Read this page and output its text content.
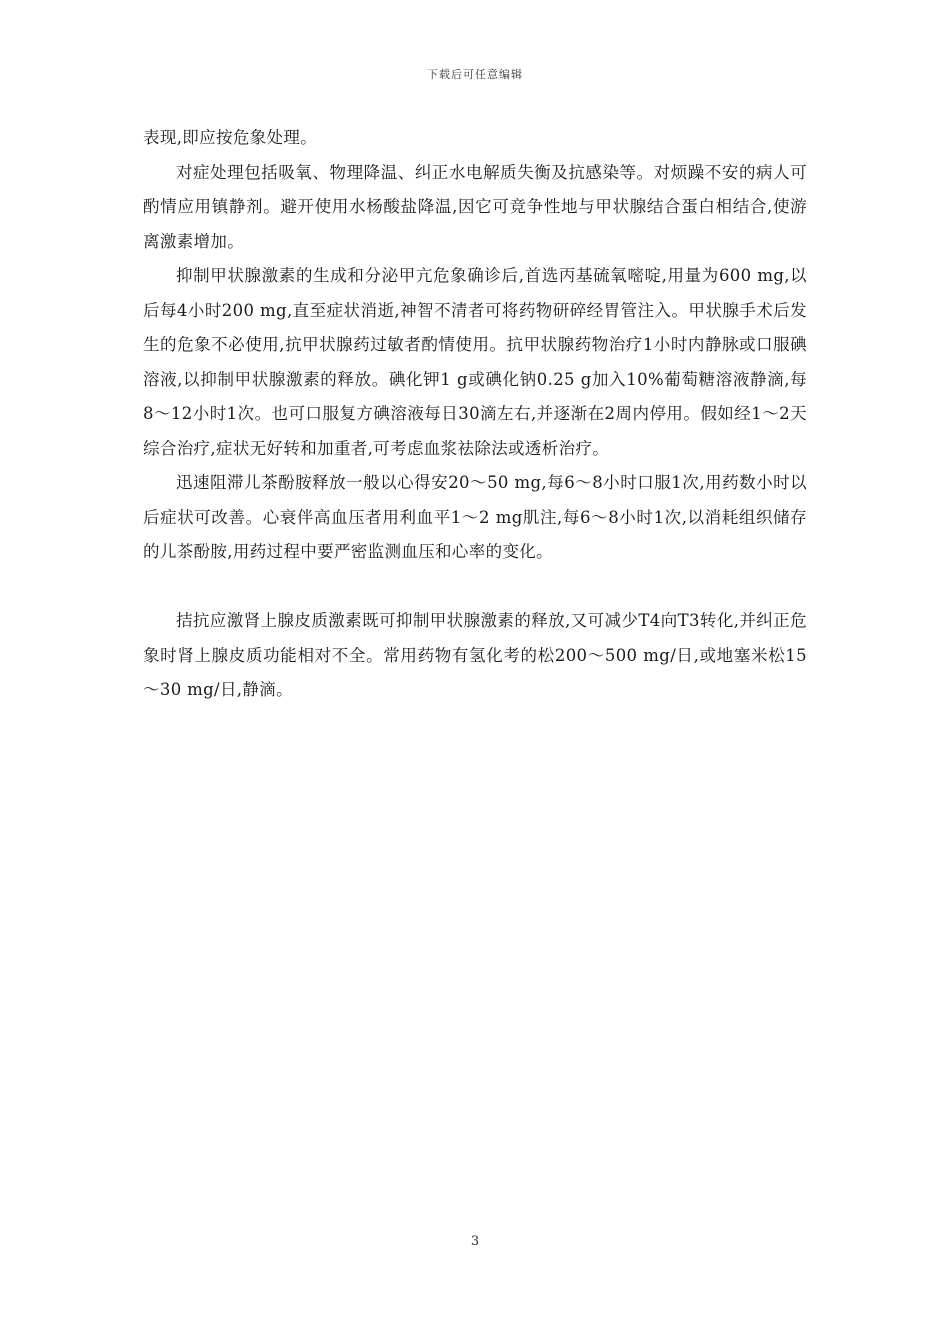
下载后可任意编辑

表现,即应按危象处理。

对症处理包括吸氧、物理降温、纠正水电解质失衡及抗感染等。对烦躁不安的病人可酌情应用镇静剂。避开使用水杨酸盐降温,因它可竞争性地与甲状腺结合蛋白相结合,使游离激素增加。

抑制甲状腺激素的生成和分泌甲亢危象确诊后,首选丙基硫氧嘧啶,用量为600 mg,以后每4小时200 mg,直至症状消逝,神智不清者可将药物研碎经胃管注入。甲状腺手术后发生的危象不必使用,抗甲状腺药过敏者酌情使用。抗甲状腺药物治疗1小时内静脉或口服碘溶液,以抑制甲状腺激素的释放。碘化钾1 g或碘化钠0.25 g加入10%葡萄糖溶液静滴,每8～12小时1次。也可口服复方碘溶液每日30滴左右,并逐渐在2周内停用。假如经1～2天综合治疗,症状无好转和加重者,可考虑血浆祛除法或透析治疗。

迅速阻滞儿茶酚胺释放一般以心得安20～50 mg,每6～8小时口服1次,用药数小时以后症状可改善。心衰伴高血压者用利血平1～2 mg肌注,每6～8小时1次,以消耗组织储存的儿茶酚胺,用药过程中要严密监测血压和心率的变化。

拮抗应激肾上腺皮质激素既可抑制甲状腺激素的释放,又可减少T4向T3转化,并纠正危象时肾上腺皮质功能相对不全。常用药物有氢化考的松200～500 mg/日,或地塞米松15～30 mg/日,静滴。

3
